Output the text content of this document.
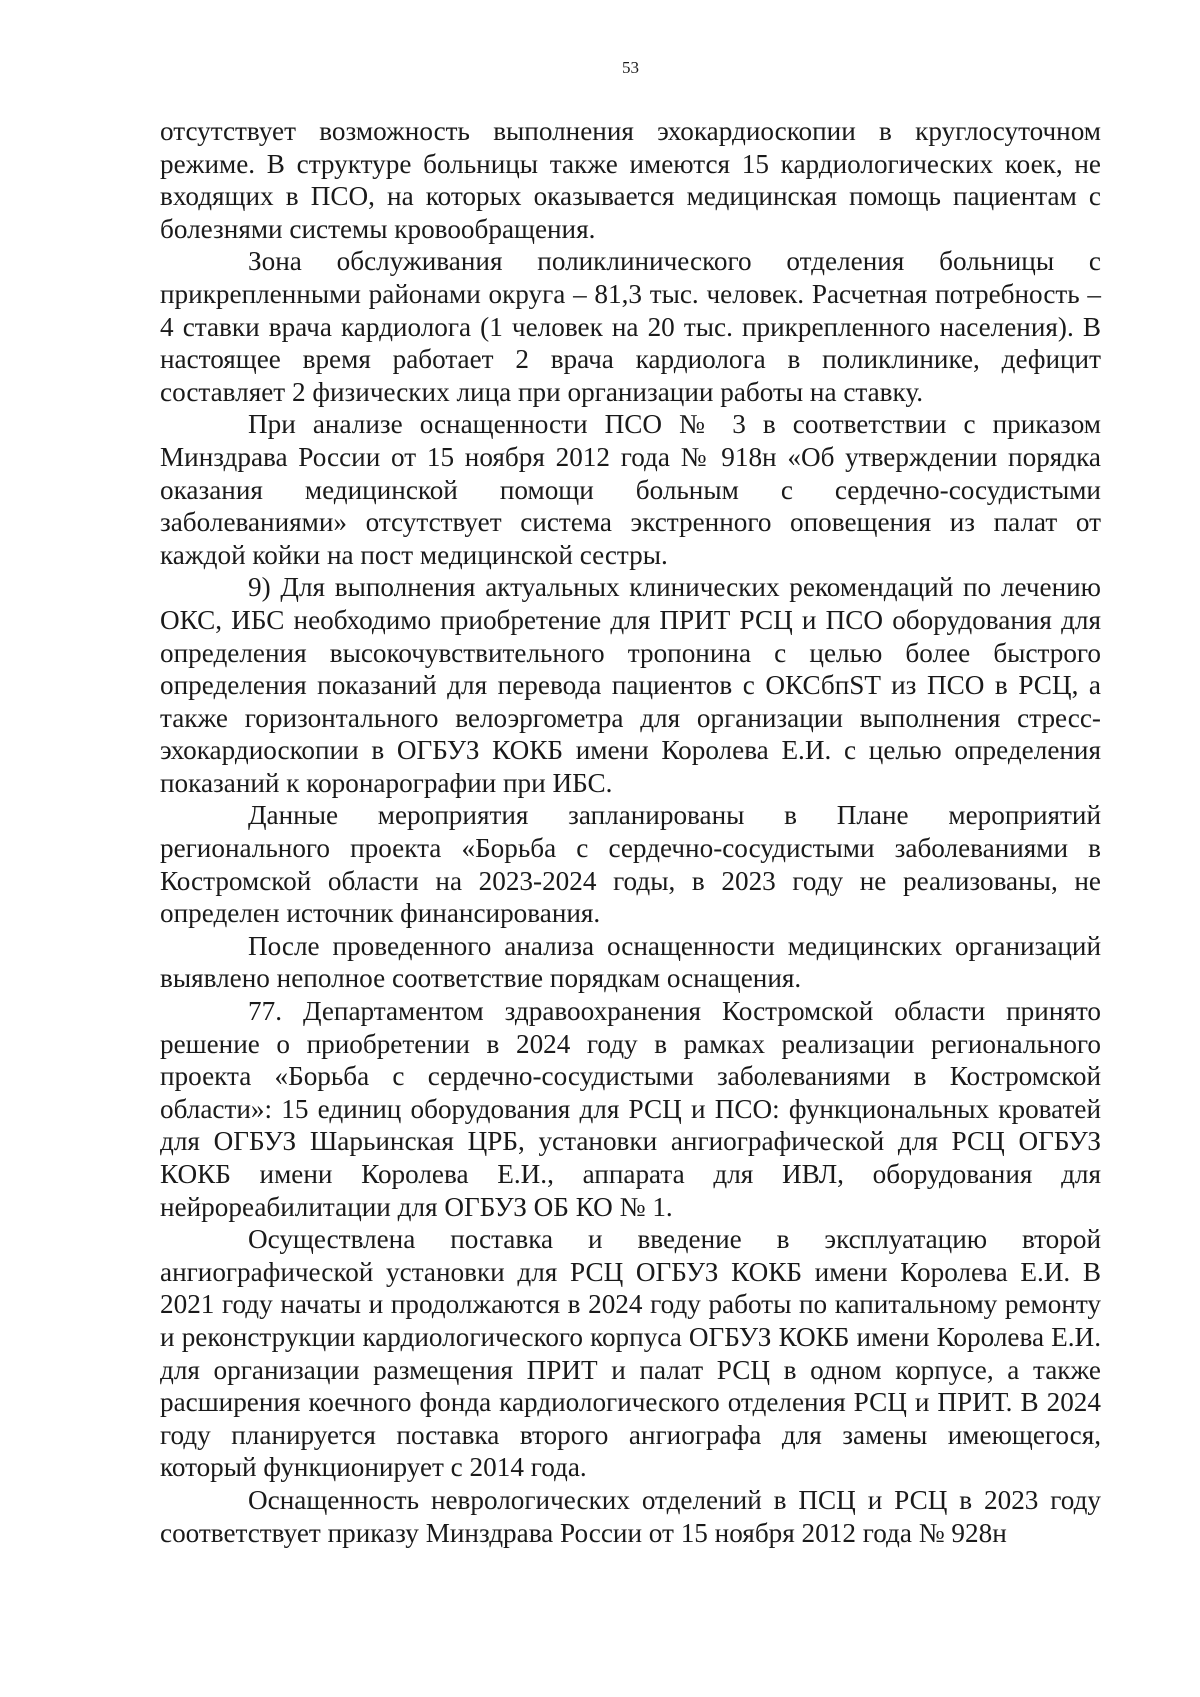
53

отсутствует возможность выполнения эхокардиоскопии в круглосуточном режиме. В структуре больницы также имеются 15 кардиологических коек, не входящих в ПСО, на которых оказывается медицинская помощь пациентам с болезнями системы кровообращения.

Зона обслуживания поликлинического отделения больницы с прикрепленными районами округа – 81,3 тыс. человек. Расчетная потребность – 4 ставки врача кардиолога (1 человек на 20 тыс. прикрепленного населения). В настоящее время работает 2 врача кардиолога в поликлинике, дефицит составляет 2 физических лица при организации работы на ставку.

При анализе оснащенности ПСО № 3 в соответствии с приказом Минздрава России от 15 ноября 2012 года № 918н «Об утверждении порядка оказания медицинской помощи больным с сердечно-сосудистыми заболеваниями» отсутствует система экстренного оповещения из палат от каждой койки на пост медицинской сестры.

9) Для выполнения актуальных клинических рекомендаций по лечению ОКС, ИБС необходимо приобретение для ПРИТ РСЦ и ПСО оборудования для определения высокочувствительного тропонина с целью более быстрого определения показаний для перевода пациентов с ОКСбпST из ПСО в РСЦ, а также горизонтального велоэргометра для организации выполнения стресс-эхокардиоскопии в ОГБУЗ КОКБ имени Королева Е.И. с целью определения показаний к коронарографии при ИБС.

Данные мероприятия запланированы в Плане мероприятий регионального проекта «Борьба с сердечно-сосудистыми заболеваниями в Костромской области на 2023-2024 годы, в 2023 году не реализованы, не определен источник финансирования.

После проведенного анализа оснащенности медицинских организаций выявлено неполное соответствие порядкам оснащения.

77. Департаментом здравоохранения Костромской области принято решение о приобретении в 2024 году в рамках реализации регионального проекта «Борьба с сердечно-сосудистыми заболеваниями в Костромской области»: 15 единиц оборудования для РСЦ и ПСО: функциональных кроватей для ОГБУЗ Шарьинская ЦРБ, установки ангиографической для РСЦ ОГБУЗ КОКБ имени Королева Е.И., аппарата для ИВЛ, оборудования для нейрореабилитации для ОГБУЗ ОБ КО № 1.

Осуществлена поставка и введение в эксплуатацию второй ангиографической установки для РСЦ ОГБУЗ КОКБ имени Королева Е.И. В 2021 году начаты и продолжаются в 2024 году работы по капитальному ремонту и реконструкции кардиологического корпуса ОГБУЗ КОКБ имени Королева Е.И. для организации размещения ПРИТ и палат РСЦ в одном корпусе, а также расширения коечного фонда кардиологического отделения РСЦ и ПРИТ. В 2024 году планируется поставка второго ангиографа для замены имеющегося, который функционирует с 2014 года.

Оснащенность неврологических отделений в ПСЦ и РСЦ в 2023 году соответствует приказу Минздрава России от 15 ноября 2012 года № 928н
